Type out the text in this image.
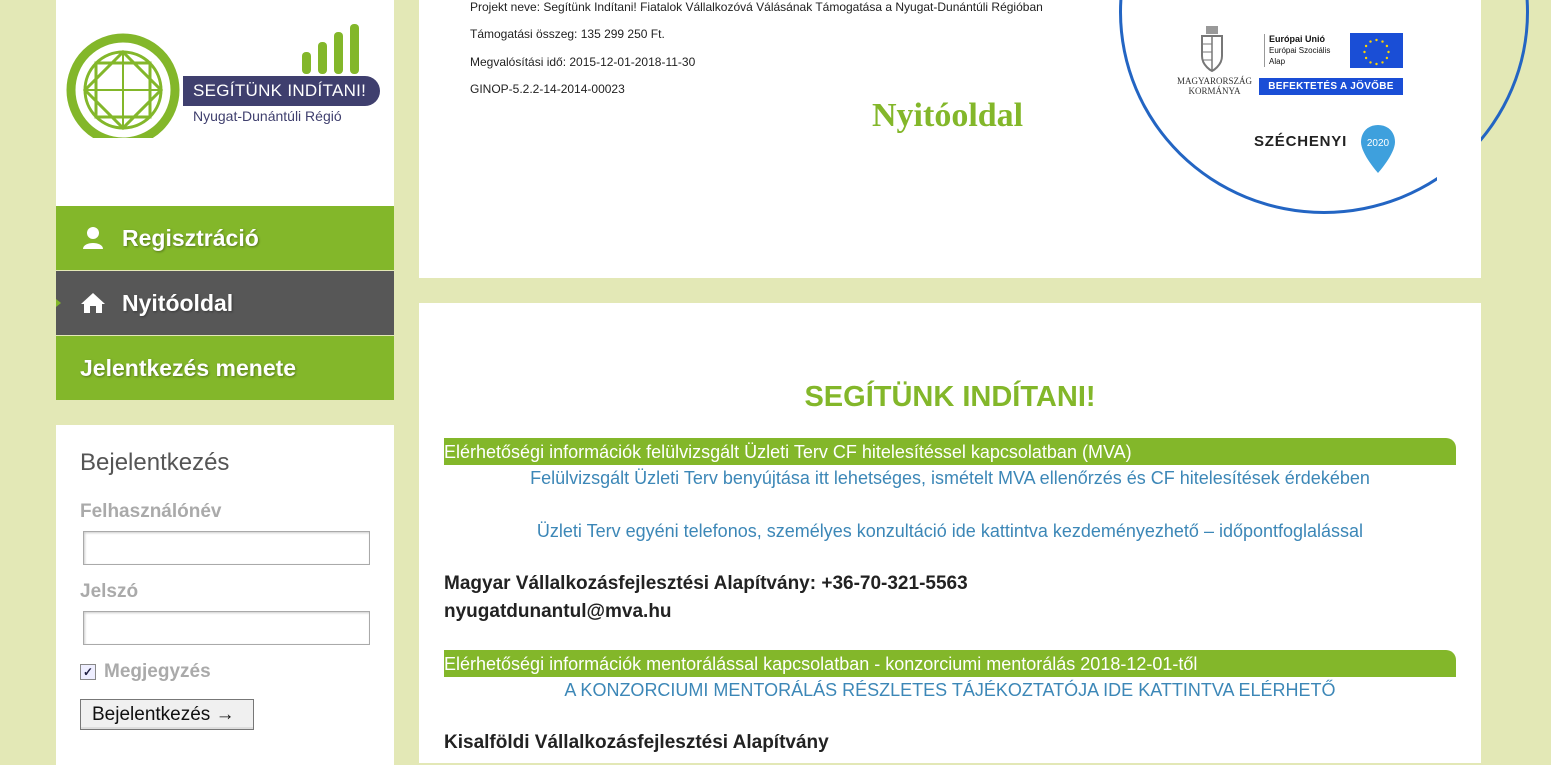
SEGÍTÜNK INDÍTANI!
Nyugat-Dunántúli Régió
Regisztráció
Nyitóoldal
Jelentkezés menete
Bejelentkezés
Felhasználónév
Jelszó
✓ Megjegyzés
Bejelentkezés →
Projekt neve: Segítünk Indítani! Fiatalok Vállalkozóvá Válásának Támogatása a Nyugat-Dunántúli Régióban
Támogatási összeg: 135 299 250 Ft.
Megvalósítási idő: 2015-12-01-2018-11-30
GINOP-5.2.2-14-2014-00023
Nyitóoldal
MAGYARORSZÁG
KORMÁNYA
Európai Unió
Európai Szociális
Alap
BEFEKTETÉS A JÖVŐBE
SZÉCHENYI 2020
SEGÍTÜNK INDÍTANI!
Elérhetőségi információk felülvizsgált Üzleti Terv CF hitelesítéssel kapcsolatban (MVA)
Felülvizsgált Üzleti Terv benyújtása itt lehetséges, ismételt MVA ellenőrzés és CF hitelesítések érdekében
Üzleti Terv egyéni telefonos, személyes konzultáció ide kattintva kezdeményezhető – időpontfoglalással
Magyar Vállalkozásfejlesztési Alapítvány: +36-70-321-5563
nyugatdunantul@mva.hu
Elérhetőségi információk mentorálással kapcsolatban - konzorciumi mentorálás 2018-12-01-től
A KONZORCIUMI MENTORÁLÁS RÉSZLETES TÁJÉKOZTATÓJA IDE KATTINTVA ELÉRHETŐ
Kisalföldi Vállalkozásfejlesztési Alapítvány
